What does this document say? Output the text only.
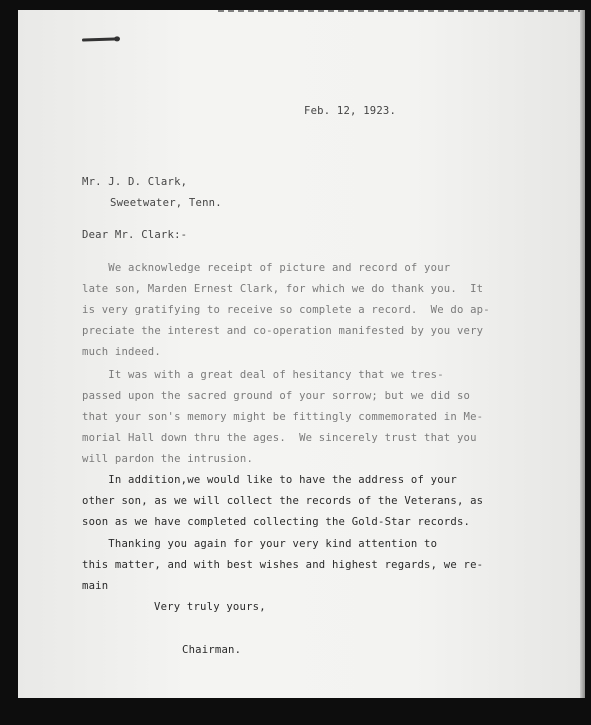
Feb. 12, 1923.
Mr. J. D. Clark,
Sweetwater, Tenn.
Dear Mr. Clark:-
We acknowledge receipt of picture and record of your
late son, Marden Ernest Clark, for which we do thank you.  It
is very gratifying to receive so complete a record.  We do ap-
preciate the interest and co-operation manifested by you very
much indeed.
It was with a great deal of hesitancy that we tres-
passed upon the sacred ground of your sorrow; but we did so
that your son's memory might be fittingly commemorated in Me-
morial Hall down thru the ages.  We sincerely trust that you
will pardon the intrusion.
In addition,we would like to have the address of your
other son, as we will collect the records of the Veterans, as
soon as we have completed collecting the Gold-Star records.
Thanking you again for your very kind attention to
this matter, and with best wishes and highest regards, we re-
main
Very truly yours,
Chairman.
